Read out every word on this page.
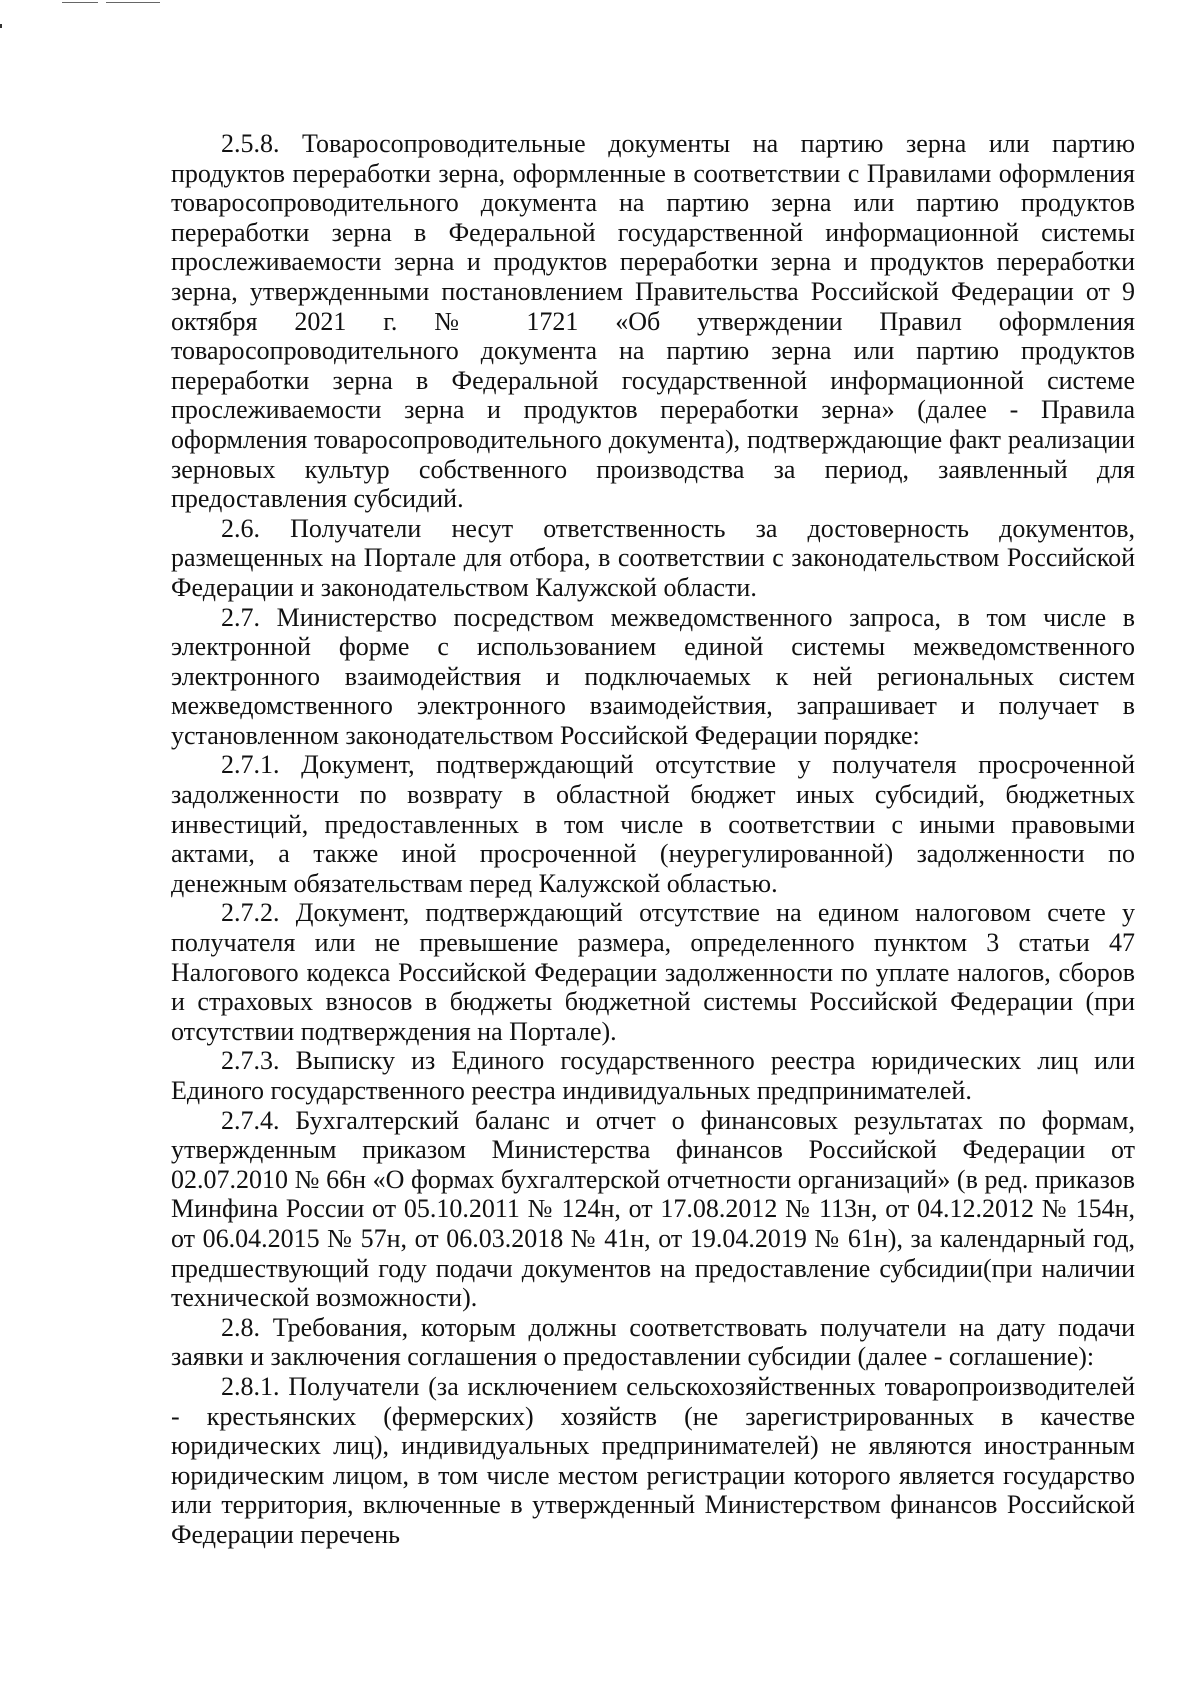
2.5.8. Товаросопроводительные документы на партию зерна или партию продуктов переработки зерна, оформленные в соответствии с Правилами оформления товаросопроводительного документа на партию зерна или партию продуктов переработки зерна в Федеральной государственной информационной системы прослеживаемости зерна и продуктов переработки зерна и продуктов переработки зерна, утвержденными постановлением Правительства Российской Федерации от 9 октября 2021 г. № 1721 «Об утверждении Правил оформления товаросопроводительного документа на партию зерна или партию продуктов переработки зерна в Федеральной государственной информационной системе прослеживаемости зерна и продуктов переработки зерна» (далее - Правила оформления товаросопроводительного документа), подтверждающие факт реализации зерновых культур собственного производства за период, заявленный для предоставления субсидий.

2.6. Получатели несут ответственность за достоверность документов, размещенных на Портале для отбора, в соответствии с законодательством Российской Федерации и законодательством Калужской области.

2.7. Министерство посредством межведомственного запроса, в том числе в электронной форме с использованием единой системы межведомственного электронного взаимодействия и подключаемых к ней региональных систем межведомственного электронного взаимодействия, запрашивает и получает в установленном законодательством Российской Федерации порядке:

2.7.1. Документ, подтверждающий отсутствие у получателя просроченной задолженности по возврату в областной бюджет иных субсидий, бюджетных инвестиций, предоставленных в том числе в соответствии с иными правовыми актами, а также иной просроченной (неурегулированной) задолженности по денежным обязательствам перед Калужской областью.

2.7.2. Документ, подтверждающий отсутствие на едином налоговом счете у получателя или не превышение размера, определенного пунктом 3 статьи 47 Налогового кодекса Российской Федерации задолженности по уплате налогов, сборов и страховых взносов в бюджеты бюджетной системы Российской Федерации (при отсутствии подтверждения на Портале).

2.7.3. Выписку из Единого государственного реестра юридических лиц или Единого государственного реестра индивидуальных предпринимателей.

2.7.4. Бухгалтерский баланс и отчет о финансовых результатах по формам, утвержденным приказом Министерства финансов Российской Федерации от 02.07.2010 № 66н «О формах бухгалтерской отчетности организаций» (в ред. приказов Минфина России от 05.10.2011 № 124н, от 17.08.2012 № 113н, от 04.12.2012 № 154н, от 06.04.2015 № 57н, от 06.03.2018 № 41н, от 19.04.2019 № 61н), за календарный год, предшествующий году подачи документов на предоставление субсидии(при наличии технической возможности).

2.8. Требования, которым должны соответствовать получатели на дату подачи заявки и заключения соглашения о предоставлении субсидии (далее - соглашение):

2.8.1. Получатели (за исключением сельскохозяйственных товаропроизводителей - крестьянских (фермерских) хозяйств (не зарегистрированных в качестве юридических лиц), индивидуальных предпринимателей) не являются иностранным юридическим лицом, в том числе местом регистрации которого является государство или территория, включенные в утвержденный Министерством финансов Российской Федерации перечень
